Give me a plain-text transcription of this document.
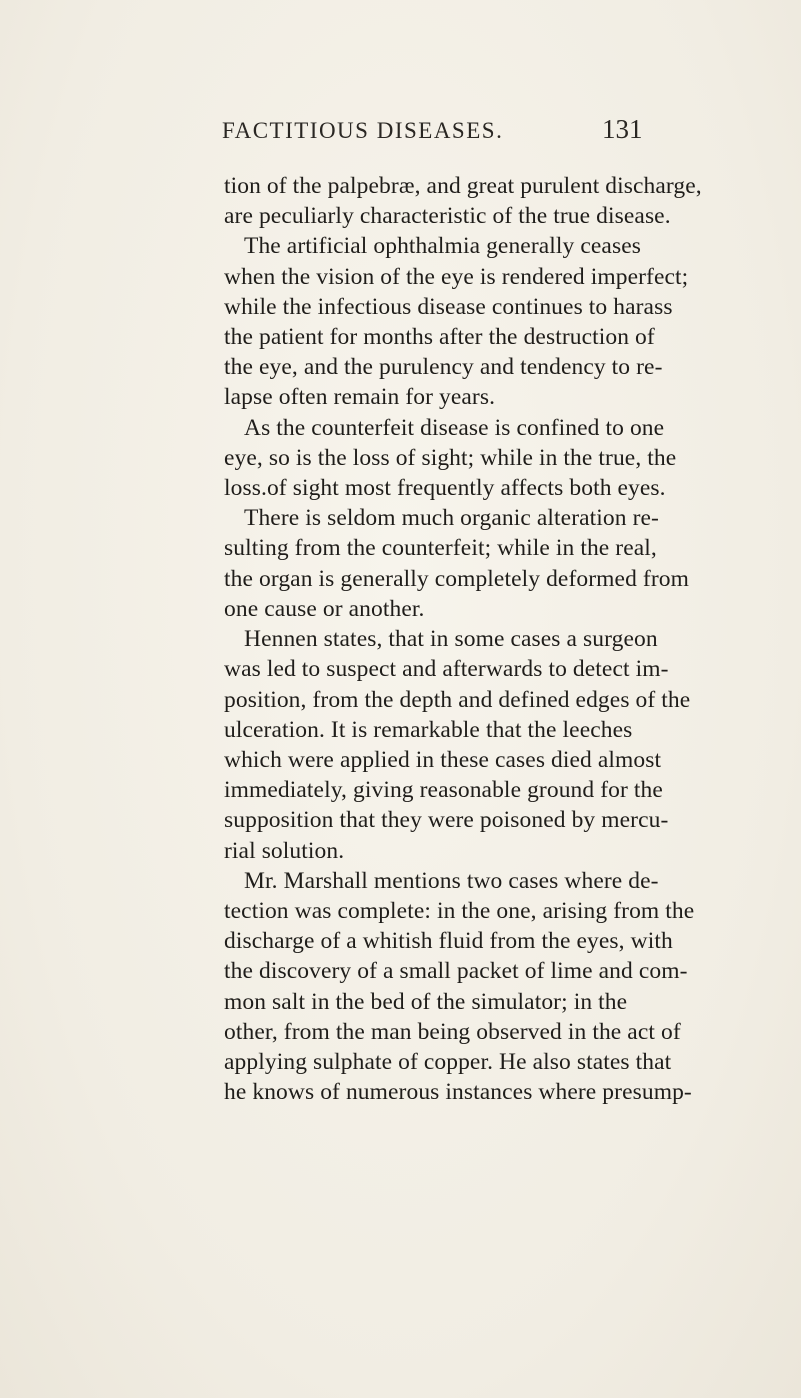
FACTITIOUS DISEASES.	131
tion of the palpebræ, and great purulent discharge,
are peculiarly characteristic of the true disease.
The artificial ophthalmia generally ceases
when the vision of the eye is rendered imperfect;
while the infectious disease continues to harass
the patient for months after the destruction of
the eye, and the purulency and tendency to re-
lapse often remain for years.
As the counterfeit disease is confined to one
eye, so is the loss of sight; while in the true, the
loss.of sight most frequently affects both eyes.
There is seldom much organic alteration re-
sulting from the counterfeit; while in the real,
the organ is generally completely deformed from
one cause or another.
Hennen states, that in some cases a surgeon
was led to suspect and afterwards to detect im-
position, from the depth and defined edges of the
ulceration. It is remarkable that the leeches
which were applied in these cases died almost
immediately, giving reasonable ground for the
supposition that they were poisoned by mercu-
rial solution.
Mr. Marshall mentions two cases where de-
tection was complete: in the one, arising from the
discharge of a whitish fluid from the eyes, with
the discovery of a small packet of lime and com-
mon salt in the bed of the simulator; in the
other, from the man being observed in the act of
applying sulphate of copper. He also states that
he knows of numerous instances where presump-
